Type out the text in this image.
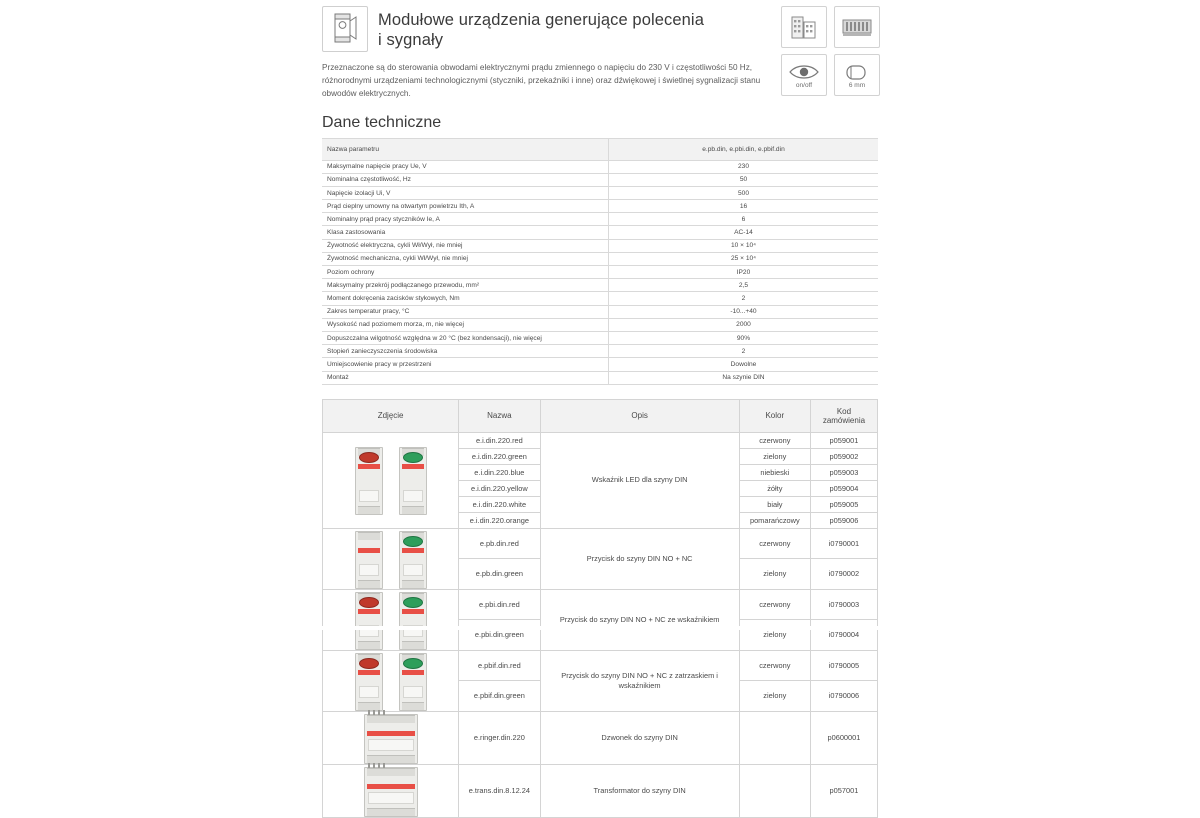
Modułowe urządzenia generujące polecenia i sygnały
on/off	6 mm
Przeznaczone są do sterowania obwodami elektrycznymi prądu zmiennego o napięciu do 230 V i częstotliwości 50 Hz, różnorodnymi urządzeniami technologicznymi (styczniki, przekaźniki i inne) oraz dźwiękowej i świetlnej sygnalizacji stanu obwodów elektrycznych.
Dane techniczne
Nazwa parametru	e.pb.din, e.pbi.din, e.pbif.din
Maksymalne napięcie pracy Ue, V	230
Nominalna częstotliwość, Hz	50
Napięcie izolacji Ui, V	500
Prąd cieplny umowny na otwartym powietrzu Ith, A	16
Nominalny prąd pracy styczników Ie, A	6
Klasa zastosowania	AC-14
Żywotność elektryczna, cykli Wł/Wył, nie mniej	10 × 10⁴
Żywotność mechaniczna, cykli Wł/Wył, nie mniej	25 × 10⁴
Poziom ochrony	IP20
Maksymalny przekrój podłączanego przewodu, mm²	2,5
Moment dokręcenia zacisków stykowych, Nm	2
Zakres temperatur pracy, °C	-10...+40
Wysokość nad poziomem morza, m, nie więcej	2000
Dopuszczalna wilgotność względna w 20 °C (bez kondensacji), nie więcej	90%
Stopień zanieczyszczenia środowiska	2
Umiejscowienie pracy w przestrzeni	Dowolne
Montaż	Na szynie DIN
Zdjęcie	Nazwa	Opis	Kolor	Kod zamówienia

	e.i.din.220.red	Wskaźnik LED dla szyny DIN	czerwony	p059001
	e.i.din.220.green		zielony	p059002
	e.i.din.220.blue		niebieski	p059003
	e.i.din.220.yellow		żółty	p059004
	e.i.din.220.white		biały	p059005
	e.i.din.220.orange		pomarańczowy	p059006

	e.pb.din.red	Przycisk do szyny DIN NO + NC	czerwony	i0790001
	e.pb.din.green		zielony	i0790002

	e.pbi.din.red	Przycisk do szyny DIN NO + NC ze wskaźnikiem	czerwony	i0790003
	e.pbi.din.green		zielony	i0790004

	e.pbif.din.red	Przycisk do szyny DIN NO + NC z zatrzaskiem i wskaźnikiem	czerwony	i0790005
	e.pbif.din.green		zielony	i0790006

	e.ringer.din.220	Dzwonek do szyny DIN		p0600001

	e.trans.din.8.12.24	Transformator do szyny DIN		p057001
